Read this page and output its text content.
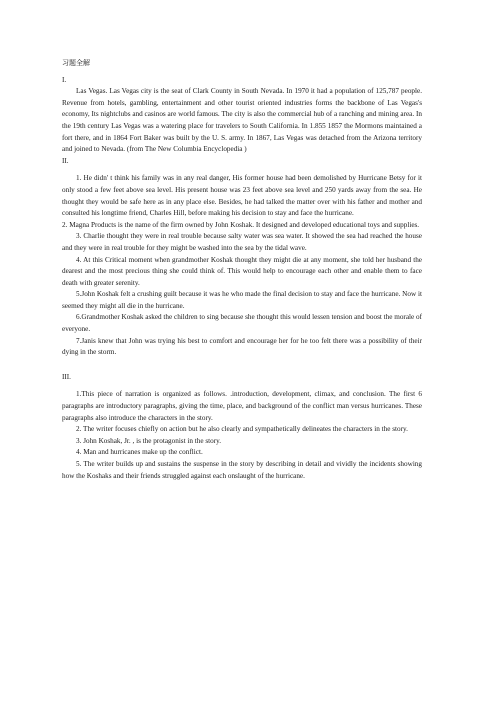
习题全解
I.

Las Vegas. Las Vegas city is the seat of Clark County in South Nevada. In 1970 it had a population of 125,787 people. Revenue from hotels, gambling, entertainment and other tourist oriented industries forms the backbone of Las Vegas's economy, Its nightclubs and casinos are world famous. The city is also the commercial hub of a ranching and mining area. In the 19th century Las Vegas was a watering place for travelers to South California. In 1.855 1857 the Mormons maintained a fort there, and in 1864 Fort Baker was built by the U. S. army. In 1867, Las Vegas was detached from the Arizona territory and joined to Nevada. (from The New Columbia Encyclopedia )

II.

1. He didn' t think his family was in any real danger, His former house had been demolished by Hurricane Betsy for it only stood a few feet above sea level. His present house was 23 feet above sea level and 250 yards away from the sea. He thought they would be safe here as in any place else. Besides, he had talked the matter over with his father and mother and consulted his longtime friend, Charles Hill, before making his decision to stay and face the hurricane.

2. Magna Products is the name of the firm owned by John Koshak. It designed and developed educational toys and supplies.

3. Charlie thought they were in real trouble because salty water was sea water. It showed the sea had reached the house and they were in real trouble for they might be washed into the sea by the tidal wave.

4. At this Critical moment when grandmother Koshak thought they might die at any moment, she told her husband the dearest and the most precious thing she could think of. This would help to encourage each other and enable them to face death with greater serenity.

5.John Koshak felt a crushing guilt because it was he who made the final decision to stay and face the hurricane. Now it seemed they might all die in the hurricane.

6.Grandmother Koshak asked the children to sing because she thought this would lessen tension and boost the morale of everyone.

7.Janis knew that John was trying his best to comfort and encourage her for he too felt there was a possibility of their dying in the storm.

III.

1.This piece of narration is organized as follows. .introduction, development, climax, and conclusion. The first 6 paragraphs are introductory paragraphs, giving the time, place, and background of the conflict man versus hurricanes. These paragraphs also introduce the characters in the story.

2. The writer focuses chiefly on action but he also clearly and sympathetically delineates the characters in the story.

3. John Koshak, Jr. , is the protagonist in the story.

4. Man and hurricanes make up the conflict.

5. The writer builds up and sustains the suspense in the story by describing in detail and vividly the incidents showing how the Koshaks and their friends struggled against each onslaught of the hurricane.
